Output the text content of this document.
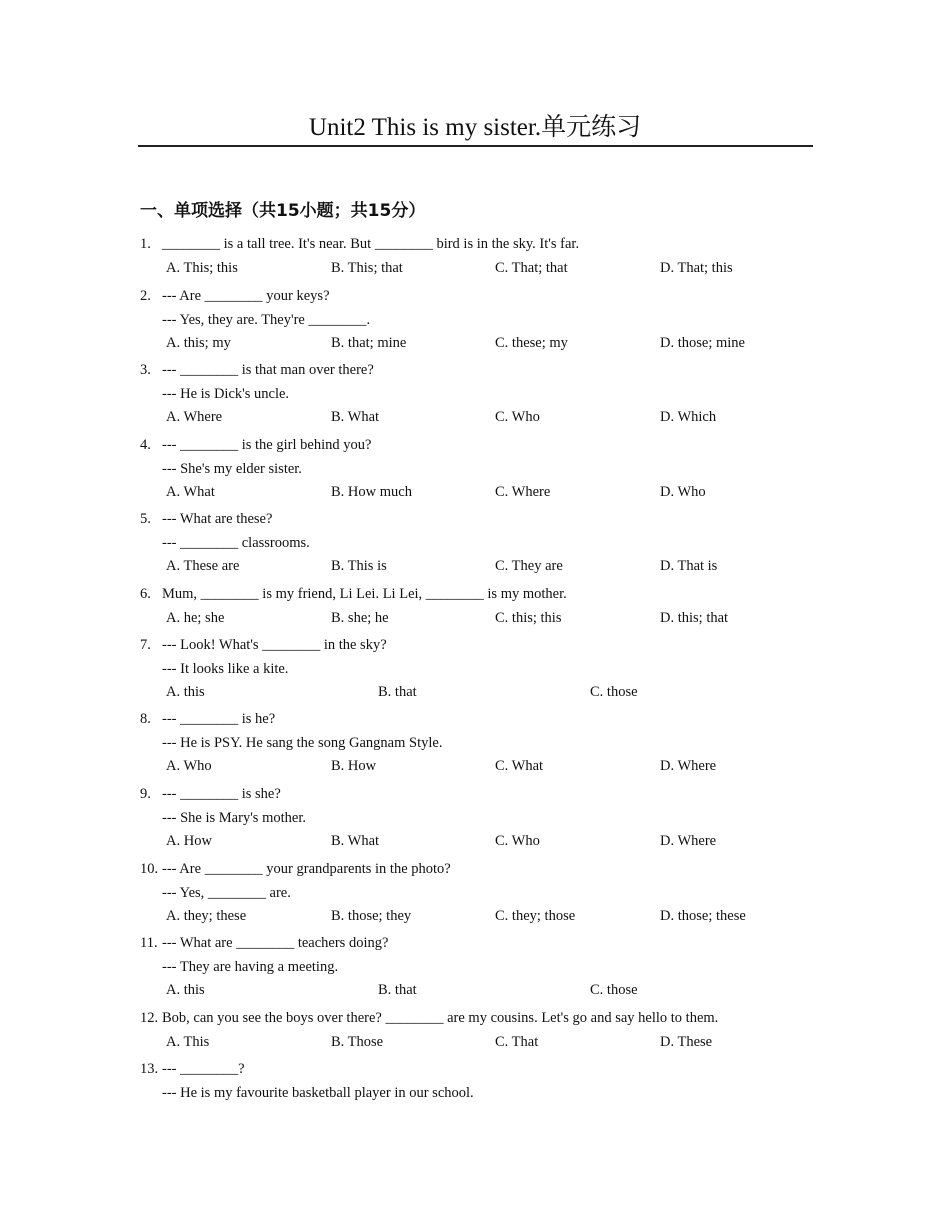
Unit2 This is my sister.单元练习
一、单项选择（共15小题；共15分）
1. ________ is a tall tree. It's near. But ________ bird is in the sky. It's far.
A. This; this	B. This; that	C. That; that	D. That; this
2. --- Are ________ your keys?
--- Yes, they are. They're ________.
A. this; my	B. that; mine	C. these; my	D. those; mine
3. --- ________ is that man over there?
--- He is Dick's uncle.
A. Where	B. What	C. Who	D. Which
4. --- ________ is the girl behind you?
--- She's my elder sister.
A. What	B. How much	C. Where	D. Who
5. --- What are these?
--- ________ classrooms.
A. These are	B. This is	C. They are	D. That is
6. Mum, ________ is my friend, Li Lei. Li Lei, ________ is my mother.
A. he; she	B. she; he	C. this; this	D. this; that
7. --- Look! What's ________ in the sky?
--- It looks like a kite.
A. this	B. that	C. those
8. --- ________ is he?
--- He is PSY. He sang the song Gangnam Style.
A. Who	B. How	C. What	D. Where
9. --- ________ is she?
--- She is Mary's mother.
A. How	B. What	C. Who	D. Where
10. --- Are ________ your grandparents in the photo?
--- Yes, ________ are.
A. they; these	B. those; they	C. they; those	D. those; these
11. --- What are ________ teachers doing?
--- They are having a meeting.
A. this	B. that	C. those
12. Bob, can you see the boys over there? ________ are my cousins. Let's go and say hello to them.
A. This	B. Those	C. That	D. These
13. --- ________?
--- He is my favourite basketball player in our school.
